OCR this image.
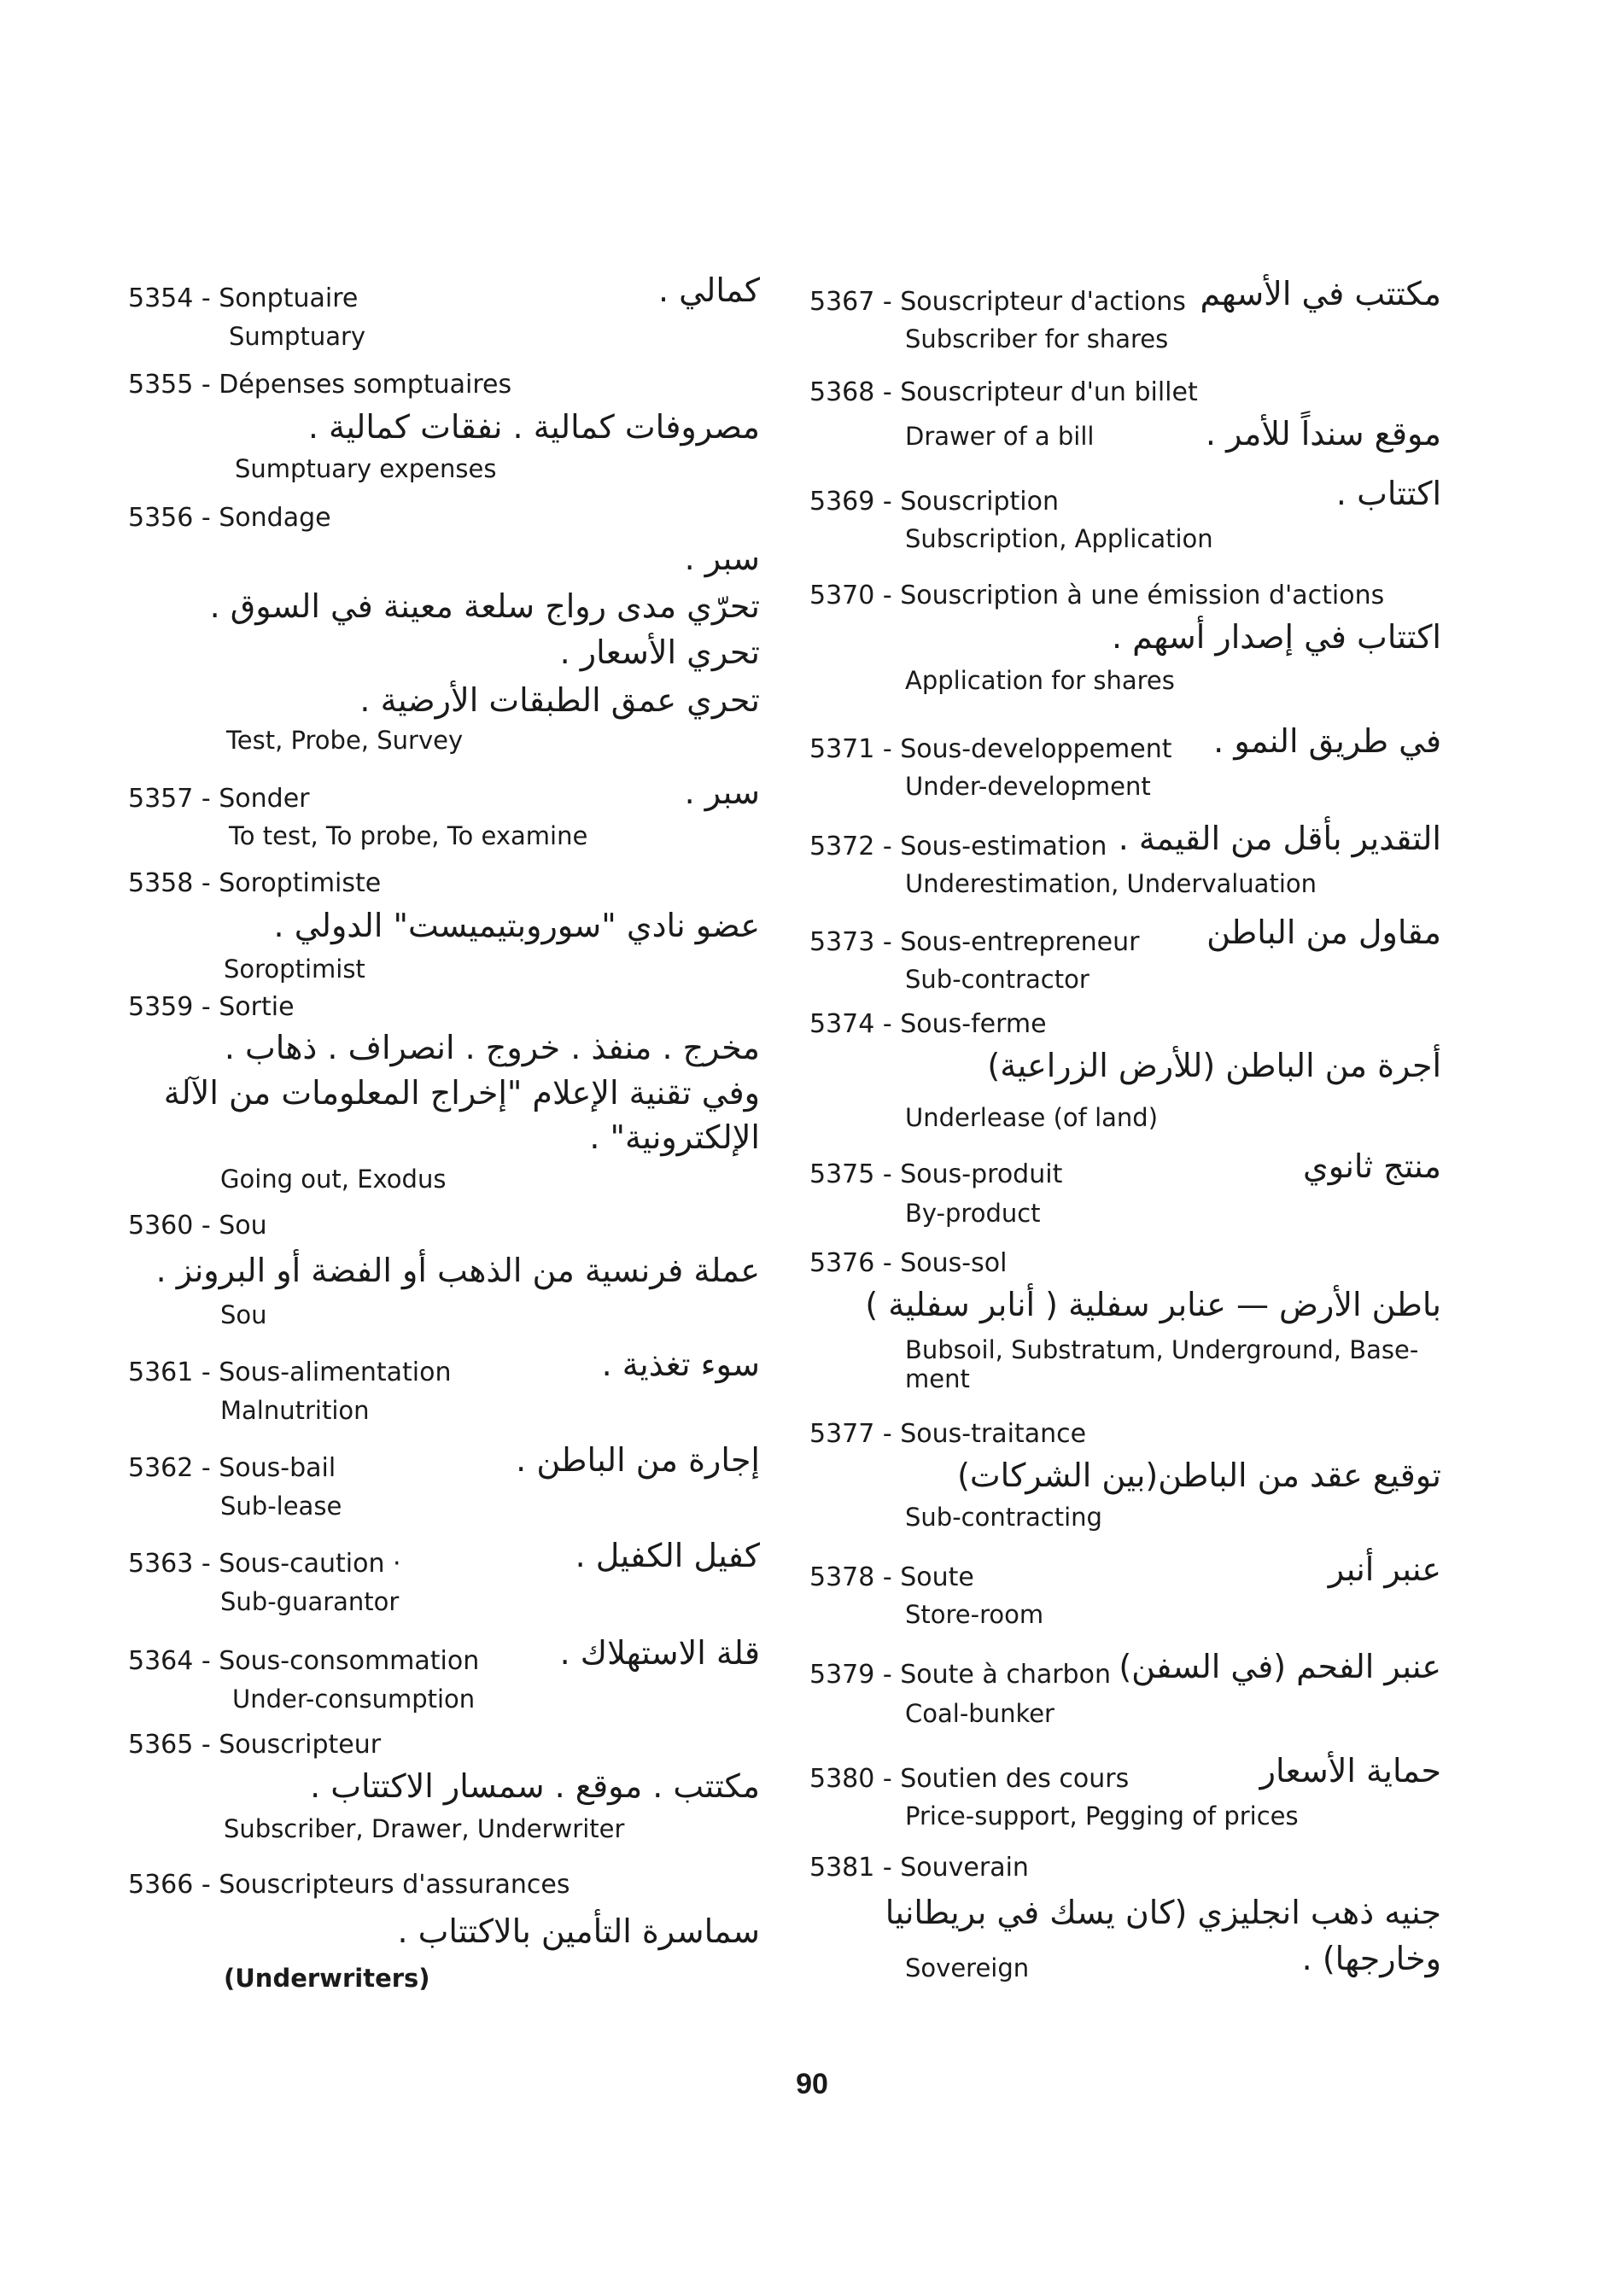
5354 - Sonptuaire	كمالي .
Sumptuary
5355 - Dépenses somptuaires
مصروفات كمالية . نفقات كمالية .
Sumptuary expenses
5356 - Sondage
سبر .
تحرّي مدى رواج سلعة معينة في السوق .
تحري الأسعار .
تحري عمق الطبقات الأرضية .
Test, Probe, Survey
5357 - Sonder	سبر .
To test, To probe, To examine
5358 - Soroptimiste
عضو نادي "سوروبتيميست" الدولي .
Soroptimist
5359 - Sortie
مخرج . منفذ . خروج . انصراف . ذهاب .
وفي تقنية الإعلام "إخراج المعلومات من الآلة
الإلكترونية" .
Going out, Exodus
5360 - Sou
عملة فرنسية من الذهب أو الفضة أو البرونز .
Sou
5361 - Sous-alimentation	سوء تغذية .
Malnutrition
5362 - Sous-bail	إجارة من الباطن .
Sub-lease
5363 - Sous-caution ·	كفيل الكفيل .
Sub-guarantor
5364 - Sous-consommation قلة الاستهلاك .
Under-consumption
5365 - Souscripteur
مكتتب . موقع . سمسار الاكتتاب .
Subscriber, Drawer, Underwriter
5366 - Souscripteurs d'assurances
سماسرة التأمين بالاكتتاب .
(Underwriters)
5367 - Souscripteur d'actions مكتتب في الأسهم
Subscriber for shares
5368 - Souscripteur d'un billet
موقع سنداً للأمر .
Drawer of a bill
5369 - Souscription	اكتتاب .
Subscription, Application
5370 - Souscription à une émission d'actions
اكتتاب في إصدار أسهم .
Application for shares
5371 - Sous-developpement في طريق النمو .
Under-development
5372 - Sous-estimation التقدير بأقل من القيمة .
Underestimation, Undervaluation
5373 - Sous-entrepreneur مقاول من الباطن
Sub-contractor
5374 - Sous-ferme
أجرة من الباطن (للأرض الزراعية)
Underlease (of land)
5375 - Sous-produit	منتج ثانوي
By-product
5376 - Sous-sol
باطن الأرض — عنابر سفلية ( أنابر سفلية )
Bubsoil, Substratum, Underground, Base-
ment
5377 - Sous-traitance
توقيع عقد من الباطن(بين الشركات)
Sub-contracting
5378 - Soute	عنبر أنبر
Store-room
5379 - Soute à charbon عنبر الفحم (في السفن)
Coal-bunker
5380 - Soutien des cours	حماية الأسعار
Price-support, Pegging of prices
5381 - Souverain
جنيه ذهب انجليزي (كان يسك في بريطانيا
وخارجها) .
Sovereign
90
